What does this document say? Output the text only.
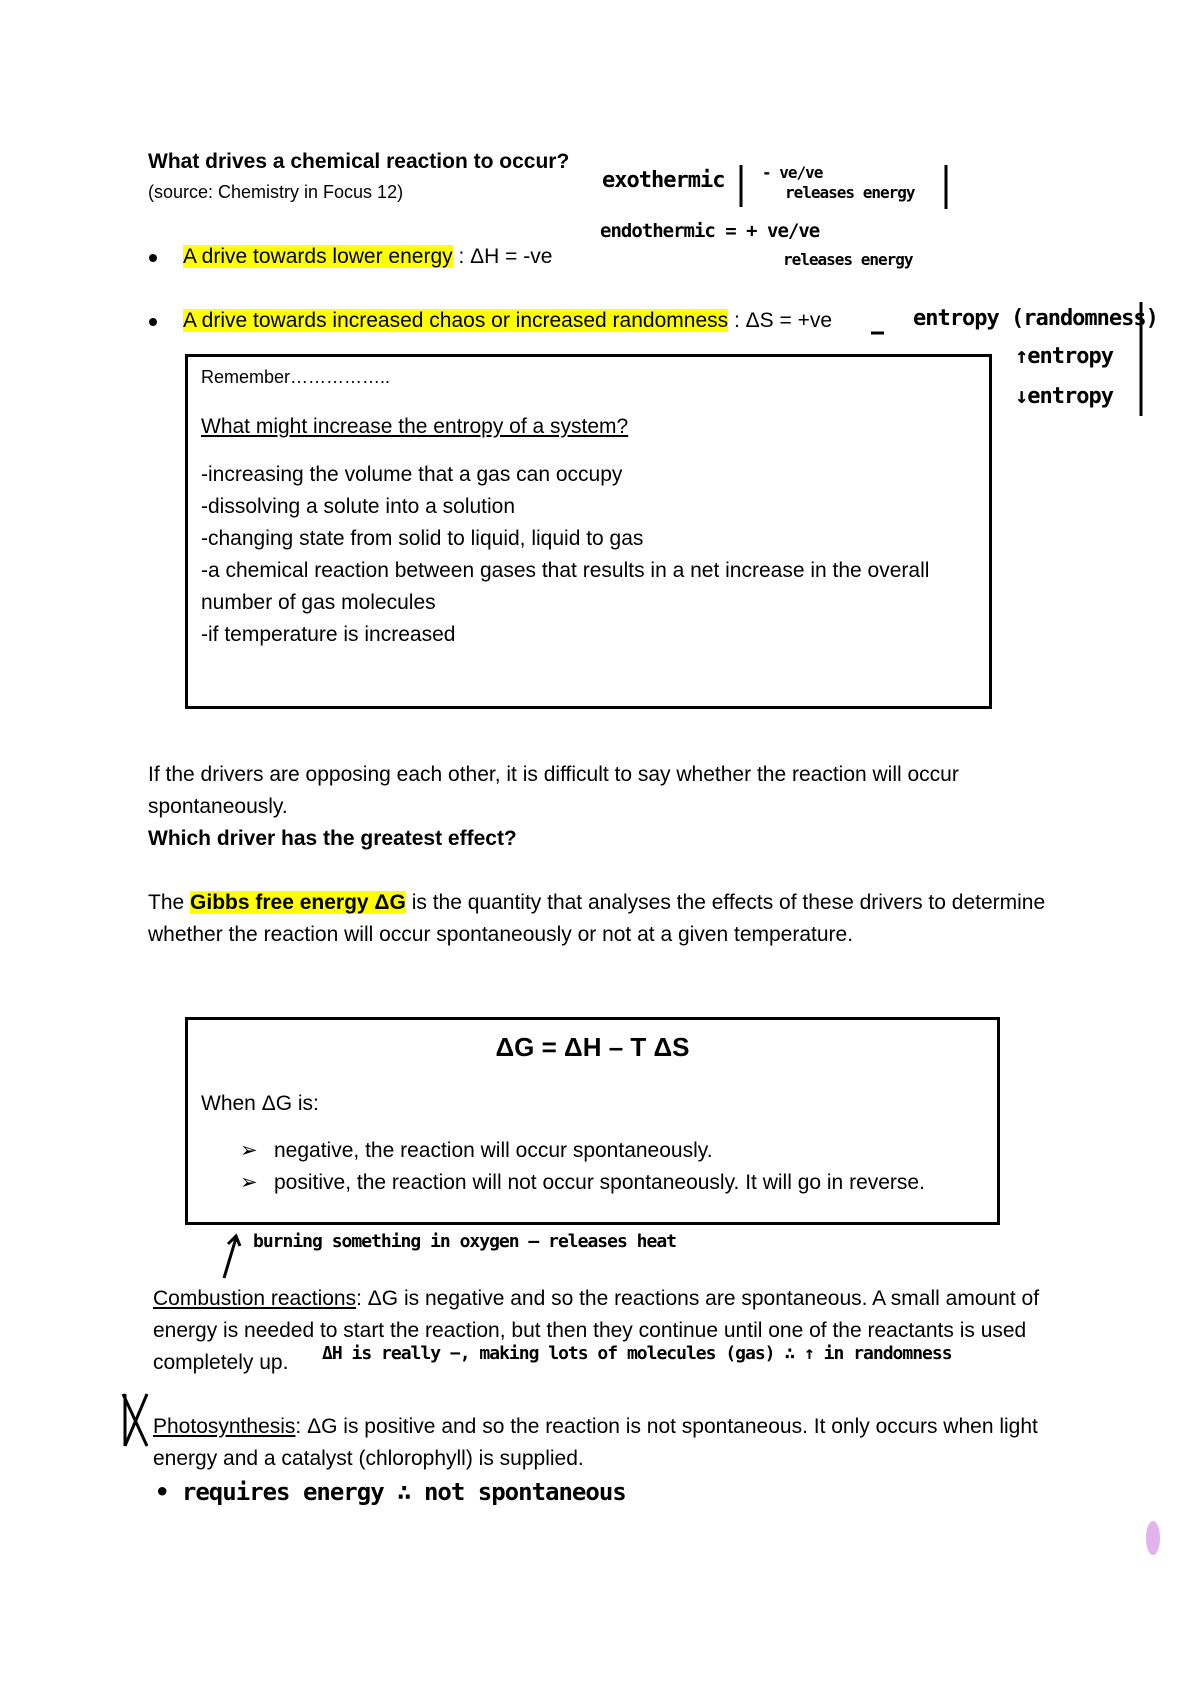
What drives a chemical reaction to occur?
(source: Chemistry in Focus 12)
A drive towards lower energy : ΔH = -ve
A drive towards increased chaos or increased randomness : ΔS = +ve
Remember……………..
What might increase the entropy of a system?
-increasing the volume that a gas can occupy
-dissolving a solute into a solution
-changing state from solid to liquid, liquid to gas
-a chemical reaction between gases that results in a net increase in the overall
number of gas molecules
-if temperature is increased
If the drivers are opposing each other, it is difficult to say whether the reaction will occur
spontaneously.
Which driver has the greatest effect?
The Gibbs free energy ΔG is the quantity that analyses the effects of these drivers to determine
whether the reaction will occur spontaneously or not at a given temperature.
ΔG = ΔH – T ΔS
When ΔG is:
➢ negative, the reaction will occur spontaneously.
➢ positive, the reaction will not occur spontaneously. It will go in reverse.
Combustion reactions: ΔG is negative and so the reactions are spontaneous. A small amount of
energy is needed to start the reaction, but then they continue until one of the reactants is used
completely up.
Photosynthesis: ΔG is positive and so the reaction is not spontaneous. It only occurs when light
energy and a catalyst (chlorophyll) is supplied.
exothermic - ve/ve
releases energy
endothermic = + ve/ve
releases energy
entropy (randomness)
↑entropy
↓entropy
burning something in oxygen — releases heat
ΔH is really −, making lots of molecules (gas) ∴ ↑ in randomness
• requires energy ∴ not spontaneous
